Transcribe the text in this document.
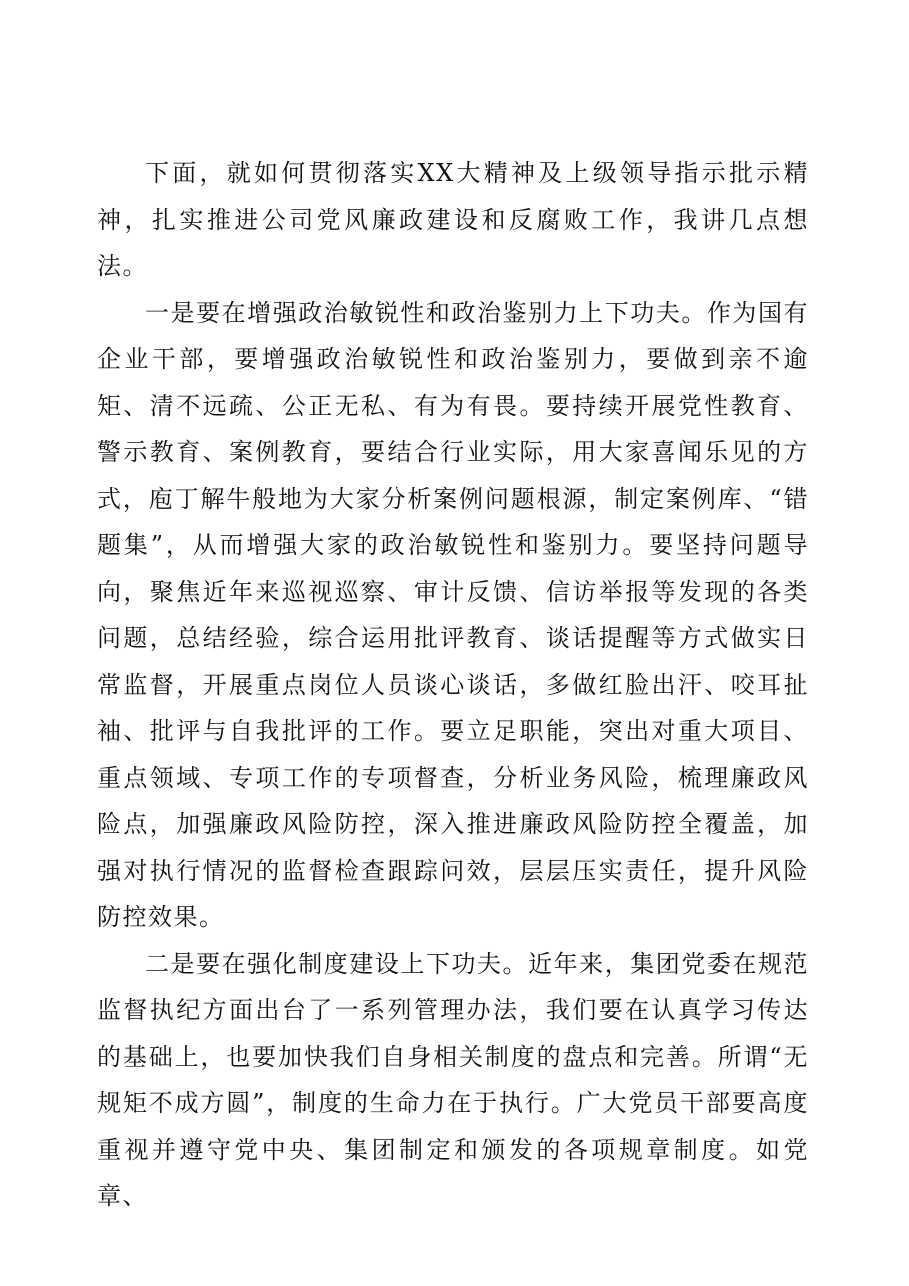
下面，就如何贯彻落实XX大精神及上级领导指示批示精神，扎实推进公司党风廉政建设和反腐败工作，我讲几点想法。

一是要在增强政治敏锐性和政治鉴别力上下功夫。作为国有企业干部，要增强政治敏锐性和政治鉴别力，要做到亲不逾矩、清不远疏、公正无私、有为有畏。要持续开展党性教育、警示教育、案例教育，要结合行业实际，用大家喜闻乐见的方式，庖丁解牛般地为大家分析案例问题根源，制定案例库、“错题集”，从而增强大家的政治敏锐性和鉴别力。要坚持问题导向，聚焦近年来巡视巡察、审计反馈、信访举报等发现的各类问题，总结经验，综合运用批评教育、谈话提醒等方式做实日常监督，开展重点岗位人员谈心谈话，多做红脸出汗、咬耳扯袖、批评与自我批评的工作。要立足职能，突出对重大项目、重点领域、专项工作的专项督查，分析业务风险，梳理廉政风险点，加强廉政风险防控，深入推进廉政风险防控全覆盖，加强对执行情况的监督检查跟踪问效，层层压实责任，提升风险防控效果。

二是要在强化制度建设上下功夫。近年来，集团党委在规范监督执纪方面出台了一系列管理办法，我们要在认真学习传达的基础上，也要加快我们自身相关制度的盘点和完善。所谓“无规矩不成方圆”，制度的生命力在于执行。广大党员干部要高度重视并遵守党中央、集团制定和颁发的各项规章制度。如党章、
